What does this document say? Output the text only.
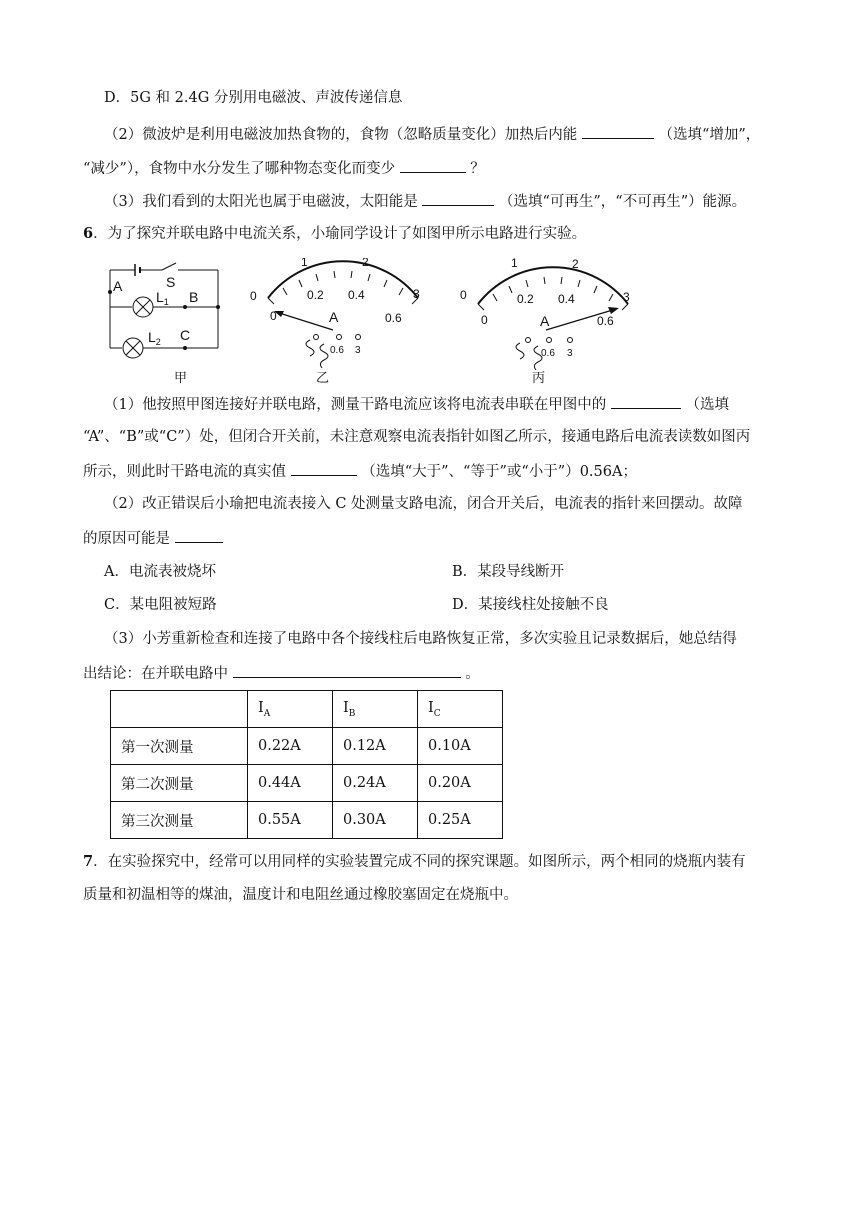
D．5G 和 2.4G 分别用电磁波、声波传递信息
（2）微波炉是利用电磁波加热食物的，食物（忽略质量变化）加热后内能	（选填“增加”，
“减少”），食物中水分发生了哪种物态变化而变少	？
（3）我们看到的太阳光也属于电磁波，太阳能是	（选填“可再生”，“不可再生”）能源。
6．为了探究并联电路中电流关系，小瑜同学设计了如图甲所示电路进行实验。
S
A
B
C
$L_1$
$L_2$
甲
0
1	2
3
0
0.2 0.4
0.6
A
0.6 3
乙
0
1	2
3
0
0.2 0.4
0.6
A
0.6 3
丙
（1）他按照甲图连接好并联电路，测量干路电流应该将电流表串联在甲图中的	（选填
“A”、“B”或“C”）处，但闭合开关前，未注意观察电流表指针如图乙所示，接通电路后电流表读数如图丙
所示，则此时干路电流的真实值	（选填“大于”、“等于”或“小于”）0.56A；
（2）改正错误后小瑜把电流表接入 C 处测量支路电流，闭合开关后，电流表的指针来回摆动。故障
的原因可能是
A．电流表被烧坏	B．某段导线断开
C．某电阻被短路	D．某接线柱处接触不良
（3）小芳重新检查和连接了电路中各个接线柱后电路恢复正常，多次实验且记录数据后，她总结得
出结论：在并联电路中	。
	$I_A$	$I_B$	$I_C$
第一次测量	0.22A	0.12A	0.10A
第二次测量	0.44A	0.24A	0.20A
第三次测量	0.55A	0.30A	0.25A
7．在实验探究中，经常可以用同样的实验装置完成不同的探究课题。如图所示，两个相同的烧瓶内装有
质量和初温相等的煤油，温度计和电阻丝通过橡胶塞固定在烧瓶中。
